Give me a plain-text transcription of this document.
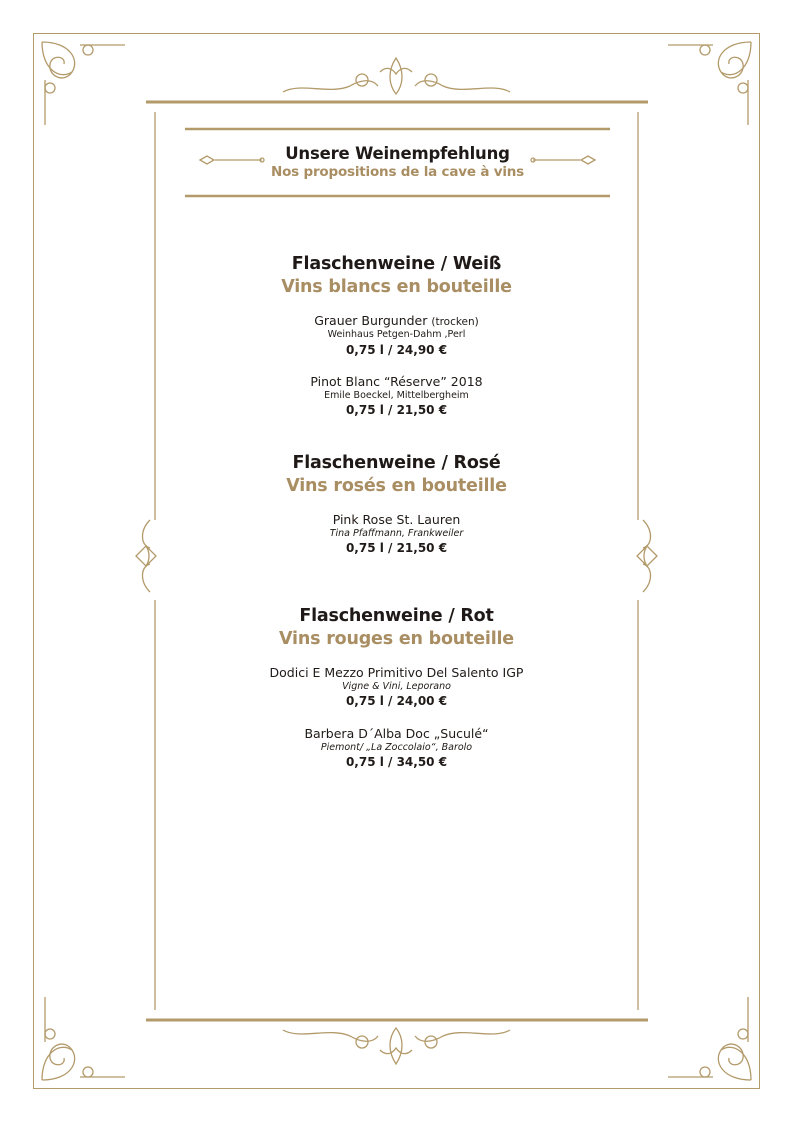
Unsere Weinempfehlung
Nos propositions de la cave à vins
Flaschenweine / Weiß
Vins blancs en bouteille
Grauer Burgunder (trocken)
Weinhaus Petgen-Dahm ,Perl
0,75 l / 24,90 €
Pinot Blanc “Réserve” 2018
Emile Boeckel, Mittelbergheim
0,75 l / 21,50 €
Flaschenweine / Rosé
Vins rosés en bouteille
Pink Rose St. Lauren
Tina Pfaffmann, Frankweiler
0,75 l / 21,50 €
Flaschenweine / Rot
Vins rouges en bouteille
Dodici E Mezzo Primitivo Del Salento IGP
Vigne & Vini, Leporano
0,75 l / 24,00 €
Barbera D´Alba Doc „Suculé“
Piemont/ „La Zoccolaio“, Barolo
0,75 l / 34,50 €
